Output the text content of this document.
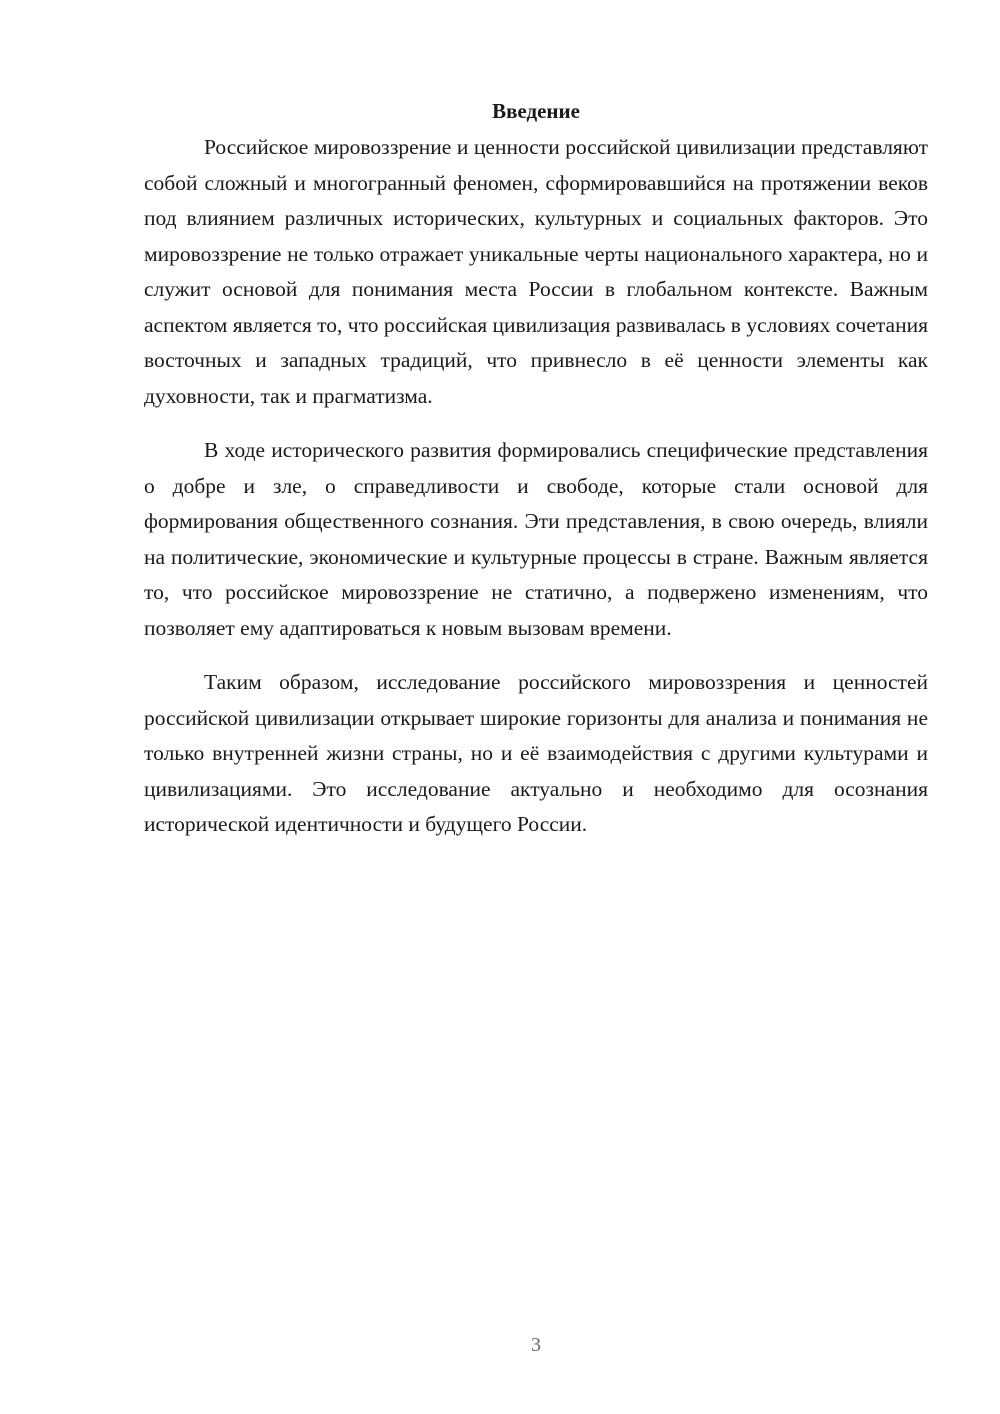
Введение

Российское мировоззрение и ценности российской цивилизации представляют собой сложный и многогранный феномен, сформировавшийся на протяжении веков под влиянием различных исторических, культурных и социальных факторов. Это мировоззрение не только отражает уникальные черты национального характера, но и служит основой для понимания места России в глобальном контексте. Важным аспектом является то, что российская цивилизация развивалась в условиях сочетания восточных и западных традиций, что привнесло в её ценности элементы как духовности, так и прагматизма.

В ходе исторического развития формировались специфические представления о добре и зле, о справедливости и свободе, которые стали основой для формирования общественного сознания. Эти представления, в свою очередь, влияли на политические, экономические и культурные процессы в стране. Важным является то, что российское мировоззрение не статично, а подвержено изменениям, что позволяет ему адаптироваться к новым вызовам времени.

Таким образом, исследование российского мировоззрения и ценностей российской цивилизации открывает широкие горизонты для анализа и понимания не только внутренней жизни страны, но и её взаимодействия с другими культурами и цивилизациями. Это исследование актуально и необходимо для осознания исторической идентичности и будущего России.

3
